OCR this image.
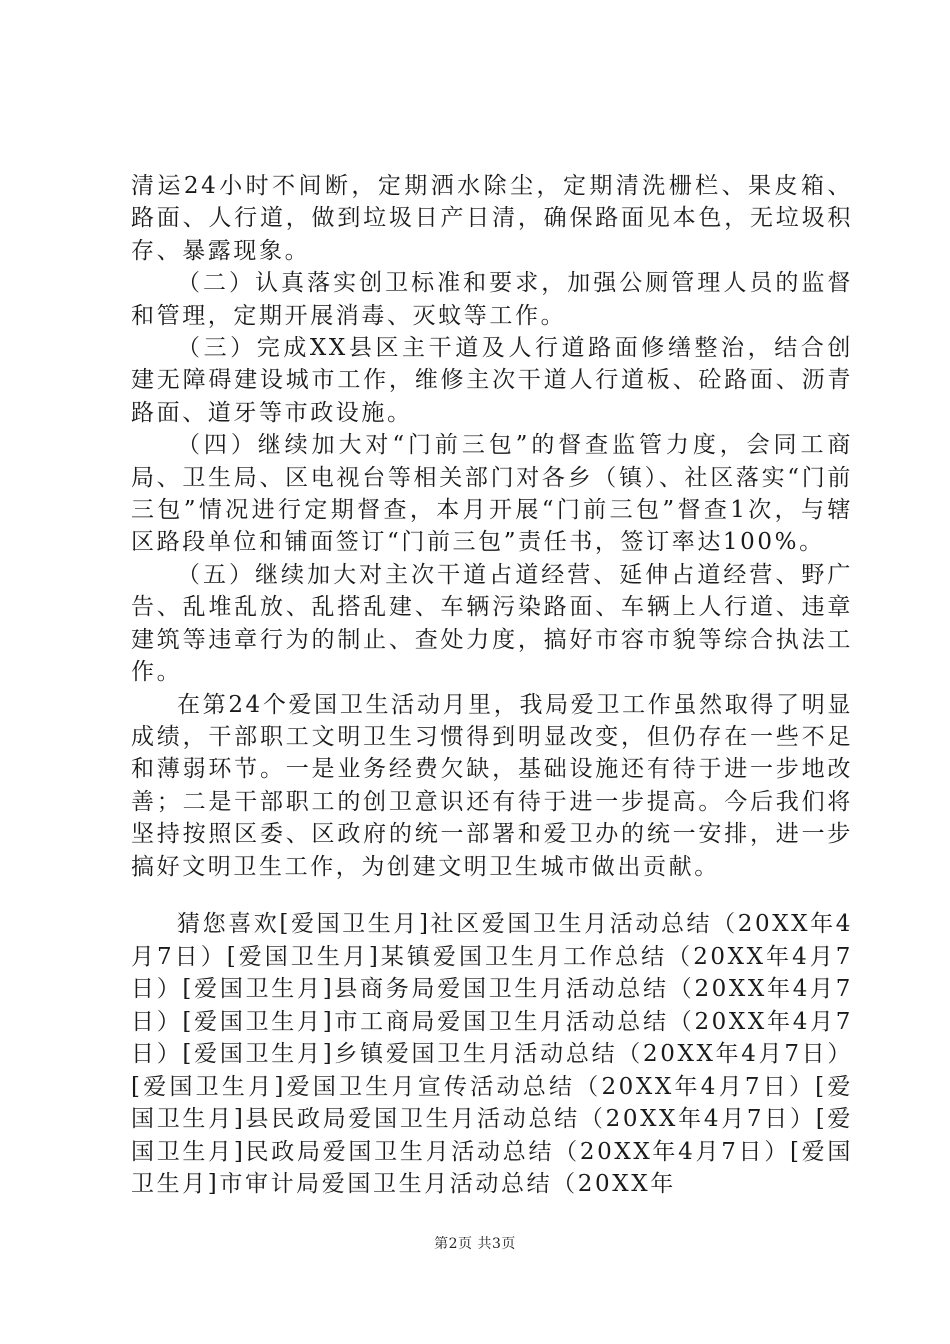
清运24小时不间断，定期洒水除尘，定期清洗栅栏、果皮箱、路面、人行道，做到垃圾日产日清，确保路面见本色，无垃圾积存、暴露现象。

（二）认真落实创卫标准和要求，加强公厕管理人员的监督和管理，定期开展消毒、灭蚊等工作。

（三）完成XX县区主干道及人行道路面修缮整治，结合创建无障碍建设城市工作，维修主次干道人行道板、砼路面、沥青路面、道牙等市政设施。

（四）继续加大对“门前三包”的督查监管力度，会同工商局、卫生局、区电视台等相关部门对各乡（镇）、社区落实“门前三包”情况进行定期督查，本月开展“门前三包”督查1次，与辖区路段单位和铺面签订“门前三包”责任书，签订率达100%。

（五）继续加大对主次干道占道经营、延伸占道经营、野广告、乱堆乱放、乱搭乱建、车辆污染路面、车辆上人行道、违章建筑等违章行为的制止、查处力度，搞好市容市貌等综合执法工作。

在第24个爱国卫生活动月里，我局爱卫工作虽然取得了明显成绩，干部职工文明卫生习惯得到明显改变，但仍存在一些不足和薄弱环节。一是业务经费欠缺，基础设施还有待于进一步地改善；二是干部职工的创卫意识还有待于进一步提高。今后我们将坚持按照区委、区政府的统一部署和爱卫办的统一安排，进一步搞好文明卫生工作，为创建文明卫生城市做出贡献。

猜您喜欢[爱国卫生月]社区爱国卫生月活动总结（20XX年4月7日）[爱国卫生月]某镇爱国卫生月工作总结（20XX年4月7日）[爱国卫生月]县商务局爱国卫生月活动总结（20XX年4月7日）[爱国卫生月]市工商局爱国卫生月活动总结（20XX年4月7日）[爱国卫生月]乡镇爱国卫生月活动总结（20XX年4月7日）[爱国卫生月]爱国卫生月宣传活动总结（20XX年4月7日）[爱国卫生月]县民政局爱国卫生月活动总结（20XX年4月7日）[爱国卫生月]民政局爱国卫生月活动总结（20XX年4月7日）[爱国卫生月]市审计局爱国卫生月活动总结（20XX年

第2页 共3页
